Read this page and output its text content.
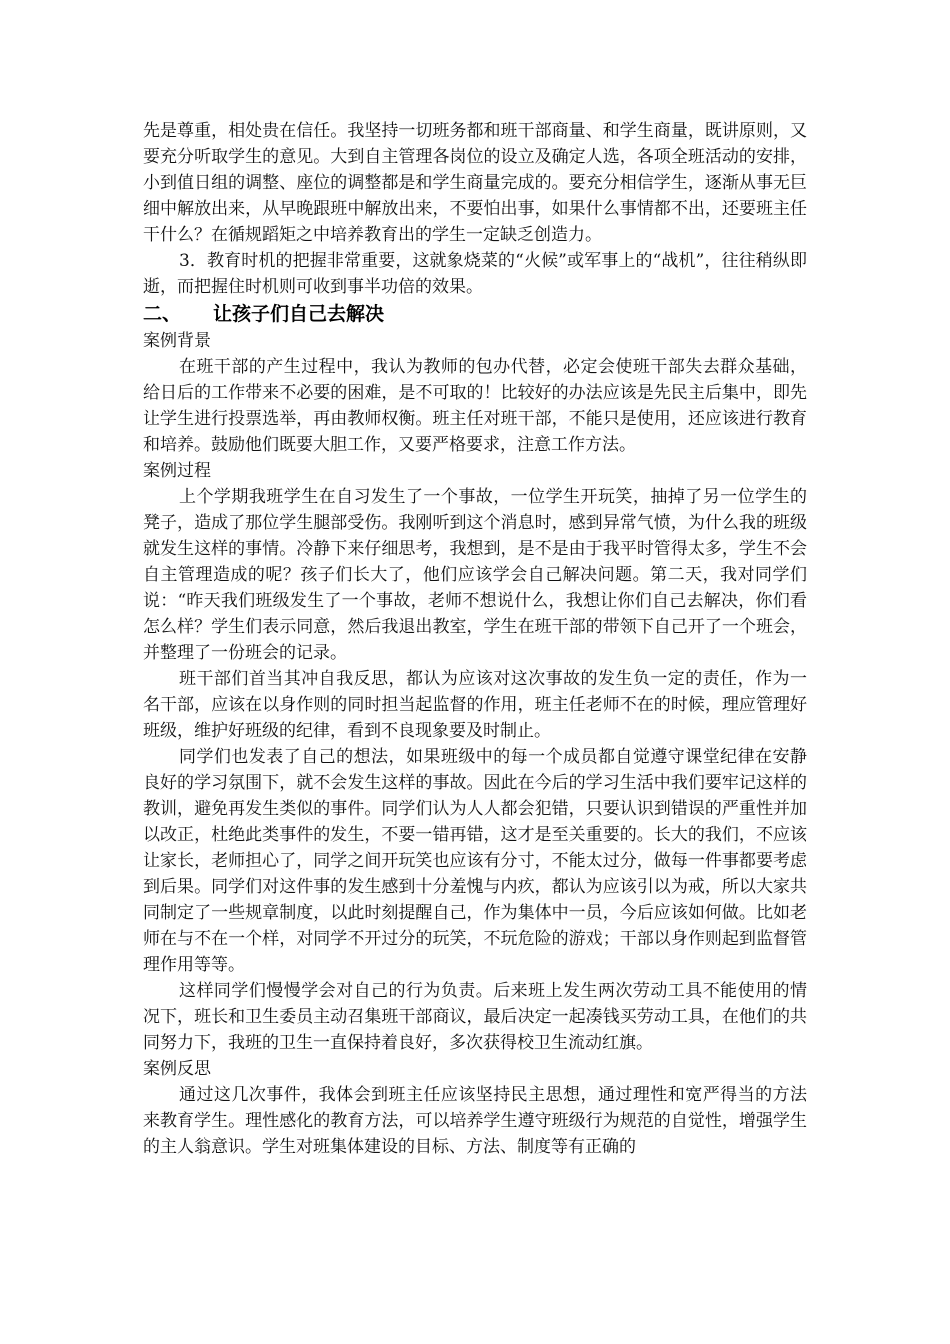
先是尊重，相处贵在信任。我坚持一切班务都和班干部商量、和学生商量，既讲原则，又要充分听取学生的意见。大到自主管理各岗位的设立及确定人选，各项全班活动的安排，小到值日组的调整、座位的调整都是和学生商量完成的。要充分相信学生，逐渐从事无巨细中解放出来，从早晚跟班中解放出来，不要怕出事，如果什么事情都不出，还要班主任干什么？在循规蹈矩之中培养教育出的学生一定缺乏创造力。

3．教育时机的把握非常重要，这就象烧菜的“火候”或军事上的“战机”，往往稍纵即逝，而把握住时机则可收到事半功倍的效果。

二、 让孩子们自己去解决

案例背景

在班干部的产生过程中，我认为教师的包办代替，必定会使班干部失去群众基础，给日后的工作带来不必要的困难，是不可取的！比较好的办法应该是先民主后集中，即先让学生进行投票选举，再由教师权衡。班主任对班干部，不能只是使用，还应该进行教育和培养。鼓励他们既要大胆工作，又要严格要求，注意工作方法。

案例过程

上个学期我班学生在自习发生了一个事故，一位学生开玩笑，抽掉了另一位学生的凳子，造成了那位学生腿部受伤。我刚听到这个消息时，感到异常气愤，为什么我的班级就发生这样的事情。冷静下来仔细思考，我想到，是不是由于我平时管得太多，学生不会自主管理造成的呢？孩子们长大了，他们应该学会自己解决问题。第二天，我对同学们说：“昨天我们班级发生了一个事故，老师不想说什么，我想让你们自己去解决，你们看怎么样？学生们表示同意，然后我退出教室，学生在班干部的带领下自己开了一个班会，并整理了一份班会的记录。

班干部们首当其冲自我反思，都认为应该对这次事故的发生负一定的责任，作为一名干部，应该在以身作则的同时担当起监督的作用，班主任老师不在的时候，理应管理好班级，维护好班级的纪律，看到不良现象要及时制止。

同学们也发表了自己的想法，如果班级中的每一个成员都自觉遵守课堂纪律在安静良好的学习氛围下，就不会发生这样的事故。因此在今后的学习生活中我们要牢记这样的教训，避免再发生类似的事件。同学们认为人人都会犯错，只要认识到错误的严重性并加以改正，杜绝此类事件的发生，不要一错再错，这才是至关重要的。长大的我们，不应该让家长，老师担心了，同学之间开玩笑也应该有分寸，不能太过分，做每一件事都要考虑到后果。同学们对这件事的发生感到十分羞愧与内疚，都认为应该引以为戒，所以大家共同制定了一些规章制度，以此时刻提醒自己，作为集体中一员，今后应该如何做。比如老师在与不在一个样，对同学不开过分的玩笑，不玩危险的游戏；干部以身作则起到监督管理作用等等。

这样同学们慢慢学会对自己的行为负责。后来班上发生两次劳动工具不能使用的情况下，班长和卫生委员主动召集班干部商议，最后决定一起凑钱买劳动工具，在他们的共同努力下，我班的卫生一直保持着良好，多次获得校卫生流动红旗。

案例反思

通过这几次事件，我体会到班主任应该坚持民主思想，通过理性和宽严得当的方法来教育学生。理性感化的教育方法，可以培养学生遵守班级行为规范的自觉性，增强学生的主人翁意识。学生对班集体建设的目标、方法、制度等有正确的
